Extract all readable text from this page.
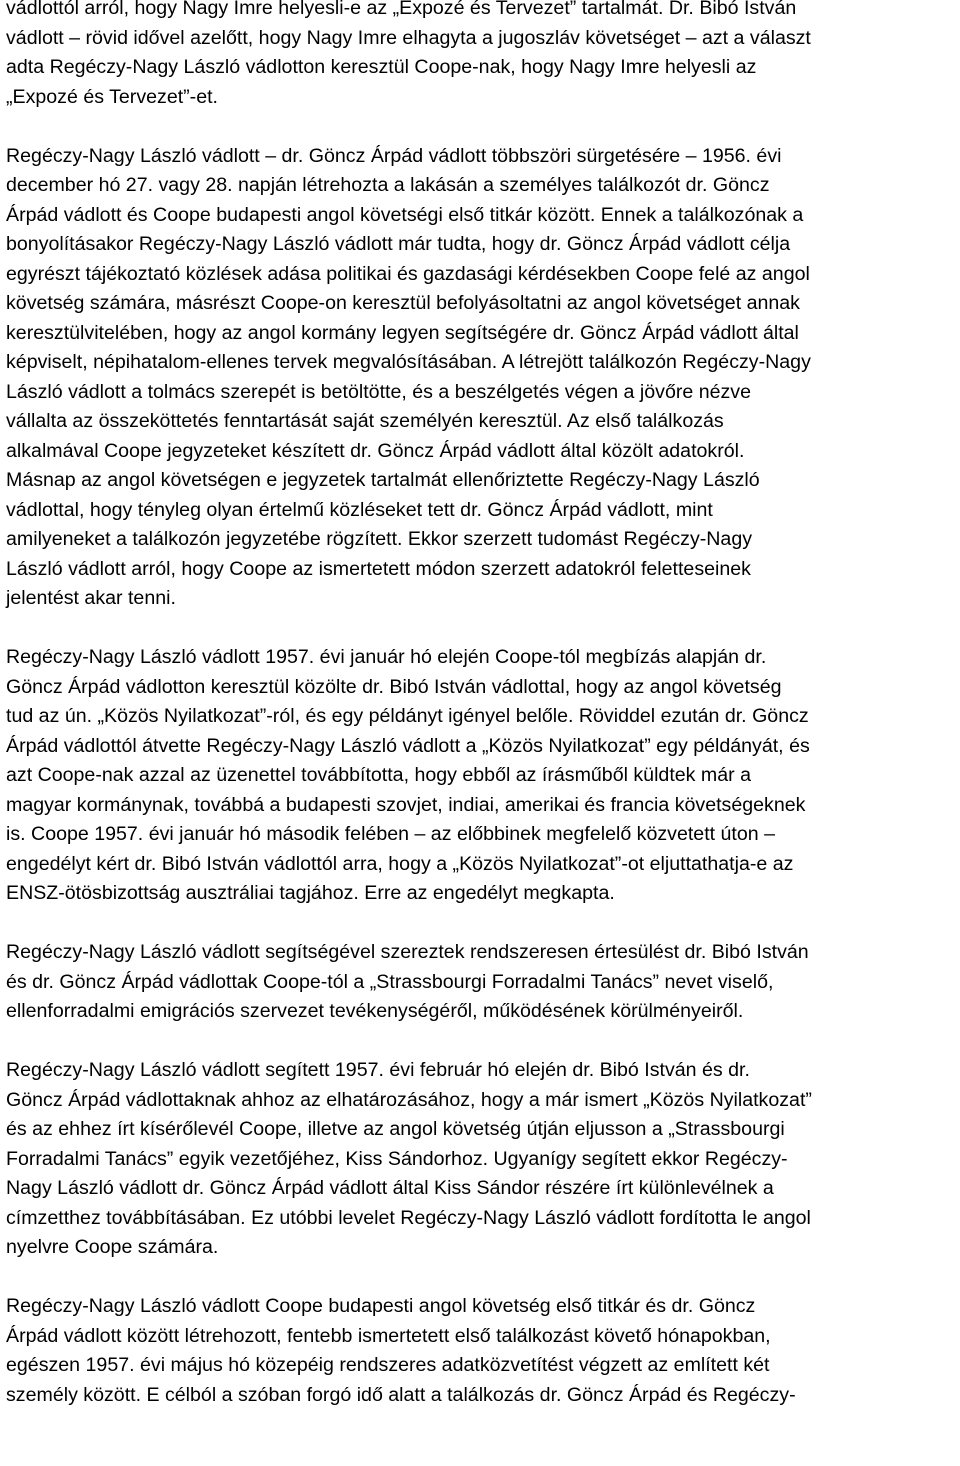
vádlottól arról, hogy Nagy Imre helyesli-e az „Expozé és Tervezet” tartalmát. Dr. Bibó István
vádlott – rövid idővel azelőtt, hogy Nagy Imre elhagyta a jugoszláv követséget – azt a választ
adta Regéczy-Nagy László vádlotton keresztül Coope-nak, hogy Nagy Imre helyesli az
„Expozé és Tervezet”-et.
Regéczy-Nagy László vádlott – dr. Göncz Árpád vádlott többszöri sürgetésére – 1956. évi
december hó 27. vagy 28. napján létrehozta a lakásán a személyes találkozót dr. Göncz
Árpád vádlott és Coope budapesti angol követségi első titkár között. Ennek a találkozónak a
bonyolításakor Regéczy-Nagy László vádlott már tudta, hogy dr. Göncz Árpád vádlott célja
egyrészt tájékoztató közlések adása politikai és gazdasági kérdésekben Coope felé az angol
követség számára, másrészt Coope-on keresztül befolyásoltatni az angol követséget annak
keresztülvitelében, hogy az angol kormány legyen segítségére dr. Göncz Árpád vádlott által
képviselt, népihatalom-ellenes tervek megvalósításában. A létrejött találkozón Regéczy-Nagy
László vádlott a tolmács szerepét is betöltötte, és a beszélgetés végen a jövőre nézve
vállalta az összeköttetés fenntartását saját személyén keresztül. Az első találkozás
alkalmával Coope jegyzeteket készített dr. Göncz Árpád vádlott által közölt adatokról.
Másnap az angol követségen e jegyzetek tartalmát ellenőriztette Regéczy-Nagy László
vádlottal, hogy tényleg olyan értelmű közléseket tett dr. Göncz Árpád vádlott, mint
amilyeneket a találkozón jegyzetébe rögzített. Ekkor szerzett tudomást Regéczy-Nagy
László vádlott arról, hogy Coope az ismertetett módon szerzett adatokról feletteseinek
jelentést akar tenni.
Regéczy-Nagy László vádlott 1957. évi január hó elején Coope-tól megbízás alapján dr.
Göncz Árpád vádlotton keresztül közölte dr. Bibó István vádlottal, hogy az angol követség
tud az ún. „Közös Nyilatkozat”-ról, és egy példányt igényel belőle. Röviddel ezután dr. Göncz
Árpád vádlottól átvette Regéczy-Nagy László vádlott a „Közös Nyilatkozat” egy példányát, és
azt Coope-nak azzal az üzenettel továbbította, hogy ebből az írásműből küldtek már a
magyar kormánynak, továbbá a budapesti szovjet, indiai, amerikai és francia követségeknek
is. Coope 1957. évi január hó második felében – az előbbinek megfelelő közvetett úton –
engedélyt kért dr. Bibó István vádlottól arra, hogy a „Közös Nyilatkozat”-ot eljuttathatja-e az
ENSZ-ötösbizottság ausztráliai tagjához. Erre az engedélyt megkapta.
Regéczy-Nagy László vádlott segítségével szereztek rendszeresen értesülést dr. Bibó István
és dr. Göncz Árpád vádlottak Coope-tól a „Strassbourgi Forradalmi Tanács” nevet viselő,
ellenforradalmi emigrációs szervezet tevékenységéről, működésének körülményeiről.
Regéczy-Nagy László vádlott segített 1957. évi február hó elején dr. Bibó István és dr.
Göncz Árpád vádlottaknak ahhoz az elhatározásához, hogy a már ismert „Közös Nyilatkozat”
és az ehhez írt kísérőlevél Coope, illetve az angol követség útján eljusson a „Strassbourgi
Forradalmi Tanács” egyik vezetőjéhez, Kiss Sándorhoz. Ugyanígy segített ekkor Regéczy-
Nagy László vádlott dr. Göncz Árpád vádlott által Kiss Sándor részére írt különlevélnek a
címzetthez továbbításában. Ez utóbbi levelet Regéczy-Nagy László vádlott fordította le angol
nyelvre Coope számára.
Regéczy-Nagy László vádlott Coope budapesti angol követség első titkár és dr. Göncz
Árpád vádlott között létrehozott, fentebb ismertetett első találkozást követő hónapokban,
egészen 1957. évi május hó közepéig rendszeres adatközvetítést végzett az említett két
személy között. E célból a szóban forgó idő alatt a találkozás dr. Göncz Árpád és Regéczy-
